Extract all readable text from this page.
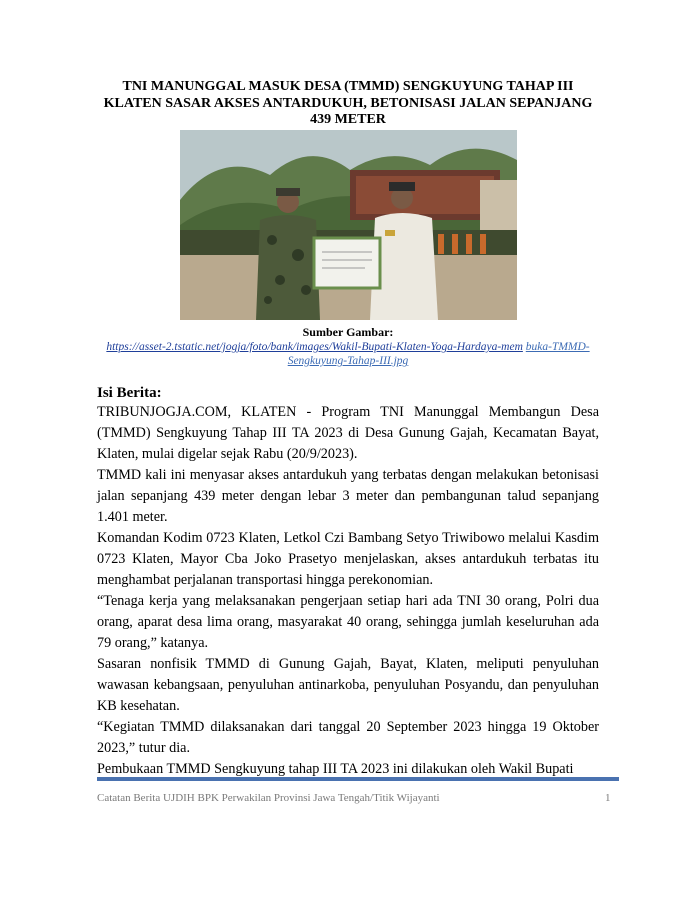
TNI MANUNGGAL MASUK DESA (TMMD) SENGKUYUNG TAHAP III KLATEN SASAR AKSES ANTARDUKUH, BETONISASI JALAN SEPANJANG 439 METER
Sumber Gambar:
https://asset-2.tstatic.net/jogja/foto/bank/images/Wakil-Bupati-Klaten-Yoga-Hardaya-mem buka-TMMD-Sengkuyung-Tahap-III.jpg
Isi Berita:

TRIBUNJOGJA.COM, KLATEN - Program TNI Manunggal Membangun Desa (TMMD) Sengkuyung Tahap III TA 2023 di Desa Gunung Gajah, Kecamatan Bayat, Klaten, mulai digelar sejak Rabu (20/9/2023).

TMMD kali ini menyasar akses antardukuh yang terbatas dengan melakukan betonisasi jalan sepanjang 439 meter dengan lebar 3 meter dan pembangunan talud sepanjang 1.401 meter.

Komandan Kodim 0723 Klaten, Letkol Czi Bambang Setyo Triwibowo melalui Kasdim 0723 Klaten, Mayor Cba Joko Prasetyo menjelaskan, akses antardukuh terbatas itu menghambat perjalanan transportasi hingga perekonomian.

“Tenaga kerja yang melaksanakan pengerjaan setiap hari ada TNI 30 orang, Polri dua orang, aparat desa lima orang, masyarakat 40 orang, sehingga jumlah keseluruhan ada 79 orang,” katanya.

Sasaran nonfisik TMMD di Gunung Gajah, Bayat, Klaten, meliputi penyuluhan wawasan kebangsaan, penyuluhan antinarkoba, penyuluhan Posyandu, dan penyuluhan KB kesehatan.

“Kegiatan TMMD dilaksanakan dari tanggal 20 September 2023 hingga 19 Oktober 2023,” tutur dia.

Pembukaan TMMD Sengkuyung tahap III TA 2023 ini dilakukan oleh Wakil Bupati

Catatan Berita UJDIH BPK Perwakilan Provinsi Jawa Tengah/Titik Wijayanti	1
